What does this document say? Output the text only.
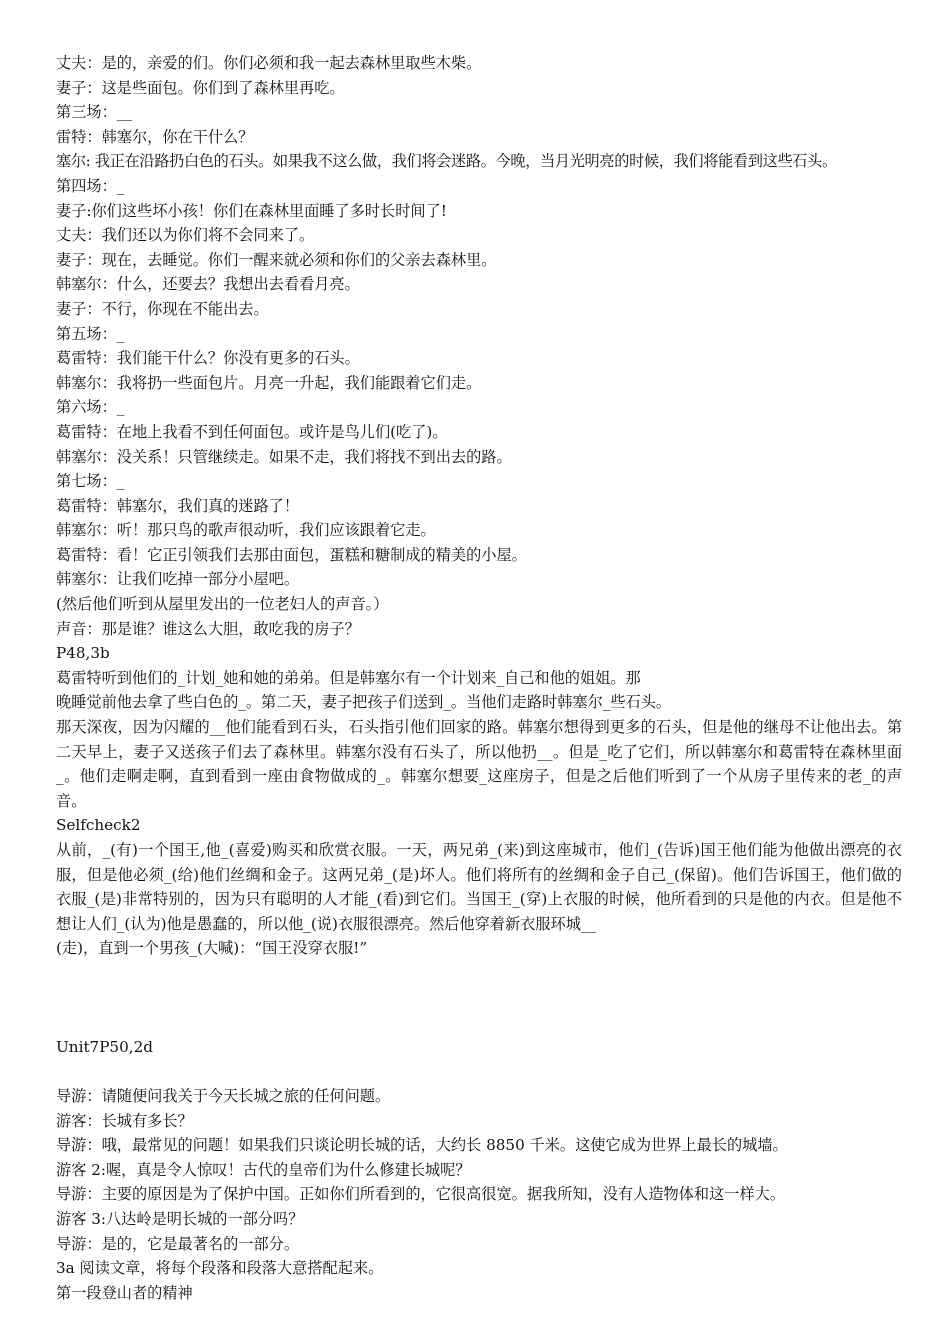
丈夫：是的，亲爱的们。你们必须和我一起去森林里取些木柴。

妻子：这是些面包。你们到了森林里再吃。

第三场：__

雷特：韩塞尔，你在干什么？

塞尔: 我正在沿路扔白色的石头。如果我不这么做，我们将会迷路。今晚，当月光明亮的时候，我们将能看到这些石头。

第四场：_

妻子:你们这些坏小孩！你们在森林里面睡了多时长时间了!

丈夫：我们还以为你们将不会同来了。

妻子：现在，去睡觉。你们一醒来就必须和你们的父亲去森林里。

韩塞尔：什么，还要去？我想出去看看月亮。

妻子：不行，你现在不能出去。

第五场：_

葛雷特：我们能干什么？你没有更多的石头。

韩塞尔：我将扔一些面包片。月亮一升起，我们能跟着它们走。

第六场：_

葛雷特：在地上我看不到任何面包。或许是鸟儿们(吃了)。

韩塞尔：没关系！只管继续走。如果不走，我们将找不到出去的路。

第七场：_

葛雷特：韩塞尔，我们真的迷路了！

韩塞尔：听！那只鸟的歌声很动听，我们应该跟着它走。

葛雷特：看！它正引领我们去那由面包，蛋糕和糖制成的精美的小屋。

韩塞尔：让我们吃掉一部分小屋吧。

(然后他们听到从屋里发出的一位老妇人的声音。）

声音：那是谁？谁这么大胆，敢吃我的房子？

P48,3b

葛雷特听到他们的_计划_她和她的弟弟。但是韩塞尔有一个计划来_自己和他的姐姐。那

晚睡觉前他去拿了些白色的_。第二天，妻子把孩子们送到_。当他们走路时韩塞尔_些石头。

那天深夜，因为闪耀的__他们能看到石头，石头指引他们回家的路。韩塞尔想得到更多的石头，但是他的继母不让他出去。第二天早上，妻子又送孩子们去了森林里。韩塞尔没有石头了，所以他扔__。但是_吃了它们，所以韩塞尔和葛雷特在森林里面_。他们走啊走啊，直到看到一座由食物做成的_。韩塞尔想要_这座房子，但是之后他们听到了一个从房子里传来的老_的声音。

Selfcheck2

从前，_(有)一个国王,他_(喜爱)购买和欣赏衣服。一天，两兄弟_(来)到这座城市，他们_(告诉)国王他们能为他做出漂亮的衣服，但是他必须_(给)他们丝绸和金子。这两兄弟_(是)坏人。他们将所有的丝绸和金子自己_(保留)。他们告诉国王，他们做的衣服_(是)非常特别的，因为只有聪明的人才能_(看)到它们。当国王_(穿)上衣服的时候，他所看到的只是他的内衣。但是他不想让人们_(认为)他是愚蠢的，所以他_(说)衣服很漂亮。然后他穿着新衣服环城__

(走)，直到一个男孩_(大喊)：“国王没穿衣服!”

Unit7P50,2d

导游：请随便问我关于今天长城之旅的任何问题。

游客：长城有多长？

导游：哦，最常见的问题！如果我们只谈论明长城的话，大约长 8850 千米。这使它成为世界上最长的城墙。

游客 2:喔，真是令人惊叹！古代的皇帝们为什么修建长城呢？

导游：主要的原因是为了保护中国。正如你们所看到的，它很高很宽。据我所知，没有人造物体和这一样大。

游客 3:八达岭是明长城的一部分吗？

导游：是的，它是最著名的一部分。

3a 阅读文章，将每个段落和段落大意搭配起来。

第一段登山者的精神
